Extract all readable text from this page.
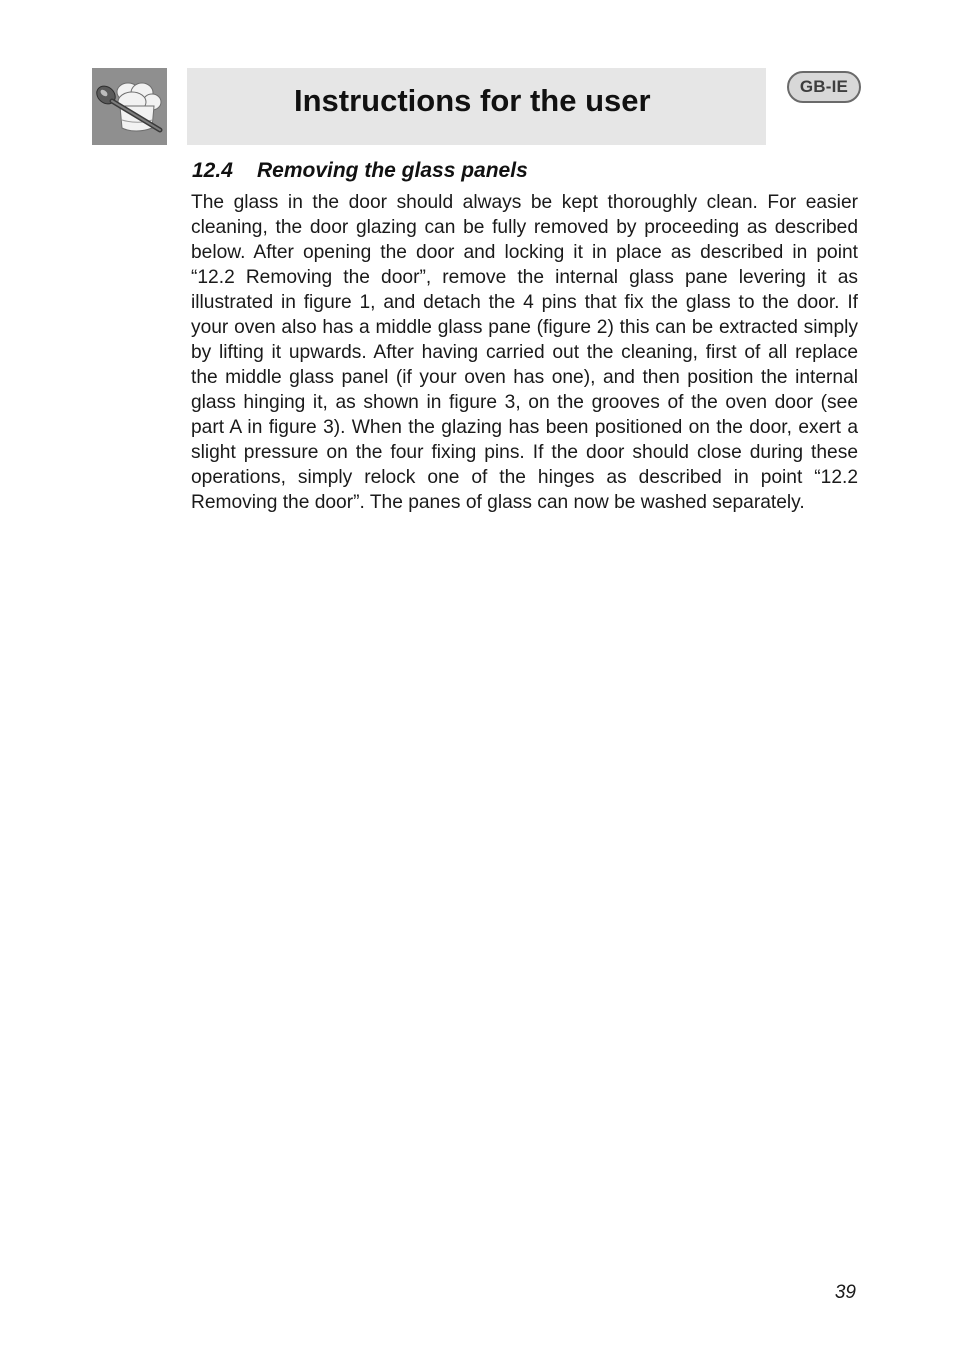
Instructions for the user	GB-IE
12.4 Removing the glass panels

The glass in the door should always be kept thoroughly clean. For easier cleaning, the door glazing can be fully removed by proceeding as described below. After opening the door and locking it in place as described in point “12.2 Removing the door”, remove the internal glass pane levering it as illustrated in figure 1, and detach the 4 pins that fix the glass to the door. If your oven also has a middle glass pane (figure 2) this can be extracted simply by lifting it upwards. After having carried out the cleaning, first of all replace the middle glass panel (if your oven has one), and then position the internal glass hinging it, as shown in figure 3, on the grooves of the oven door (see part A in figure 3). When the glazing has been positioned on the door, exert a slight pressure on the four fixing pins. If the door should close during these operations, simply relock one of the hinges as described in point “12.2 Removing the door”. The panes of glass can now be washed separately.

39
